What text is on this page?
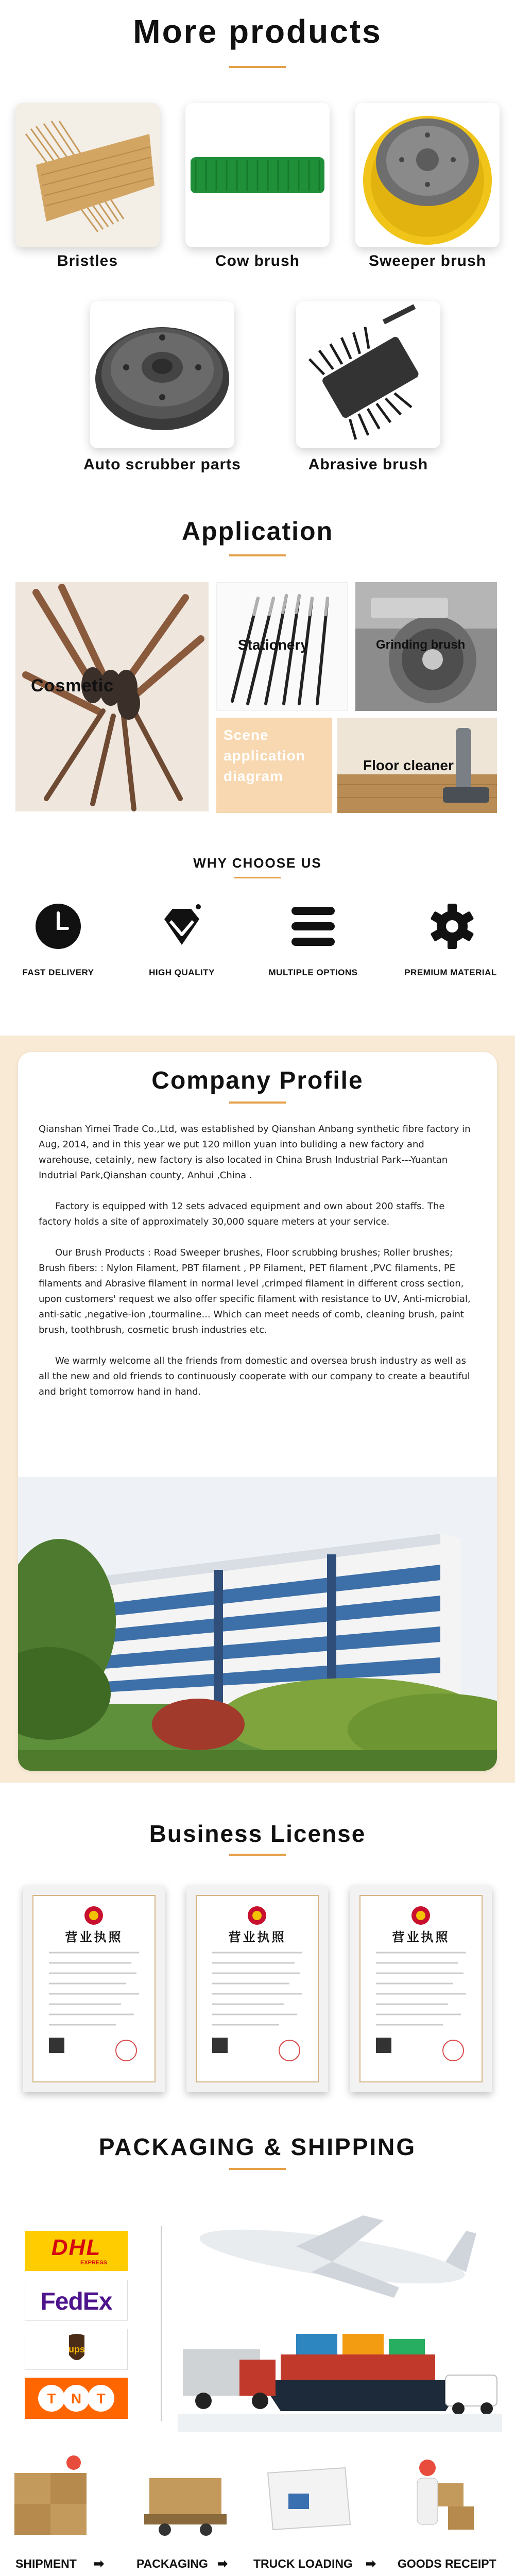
More products
Bristles	Cow brush	Sweeper brush
Auto scrubber parts	Abrasive brush
Application
Cosmetic
Stationery	Grinding brush
Scene application diagram
Floor cleaner
WHY CHOOSE US
FAST DELIVERY	HIGH QUALITY	MULTIPLE OPTIONS	PREMIUM MATERIAL
Company Profile

Qianshan Yimei Trade Co.,Ltd, was established by Qianshan Anbang synthetic fibre factory in Aug, 2014, and in this year we put 120 millon yuan into buliding a new factory and warehouse, cetainly, new factory is also located in China Brush Industrial Park---Yuantan Indutrial Park,Qianshan county, Anhui ,China .

Factory is equipped with 12 sets advaced equipment and own about 200 staffs. The factory holds a site of approximately 30,000 square meters at your service.

Our Brush Products : Road Sweeper brushes, Floor scrubbing brushes; Roller brushes; Brush fibers: : Nylon Filament, PBT filament , PP Filament, PET filament ,PVC filaments, PE filaments and Abrasive filament in normal level ,crimped filament in different cross section, upon customers' request we also offer specific filament with resistance to UV, Anti-microbial, anti-satic ,negative-ion ,tourmaline... Which can meet needs of comb, cleaning brush, paint brush, toothbrush, cosmetic brush industries etc.

We warmly welcome all the friends from domestic and oversea brush industry as well as all the new and old friends to continuously cooperate with our company to create a beautiful and bright tomorrow hand in hand.

Business License
营业执照	营业执照	营业执照
PACKAGING & SHIPPING
DHL
EXPRESS
FedEx
ups
T N T
SHIPMENT ➡	PACKAGING ➡ TRUCK LOADING ➡ GOODS RECEIPT
